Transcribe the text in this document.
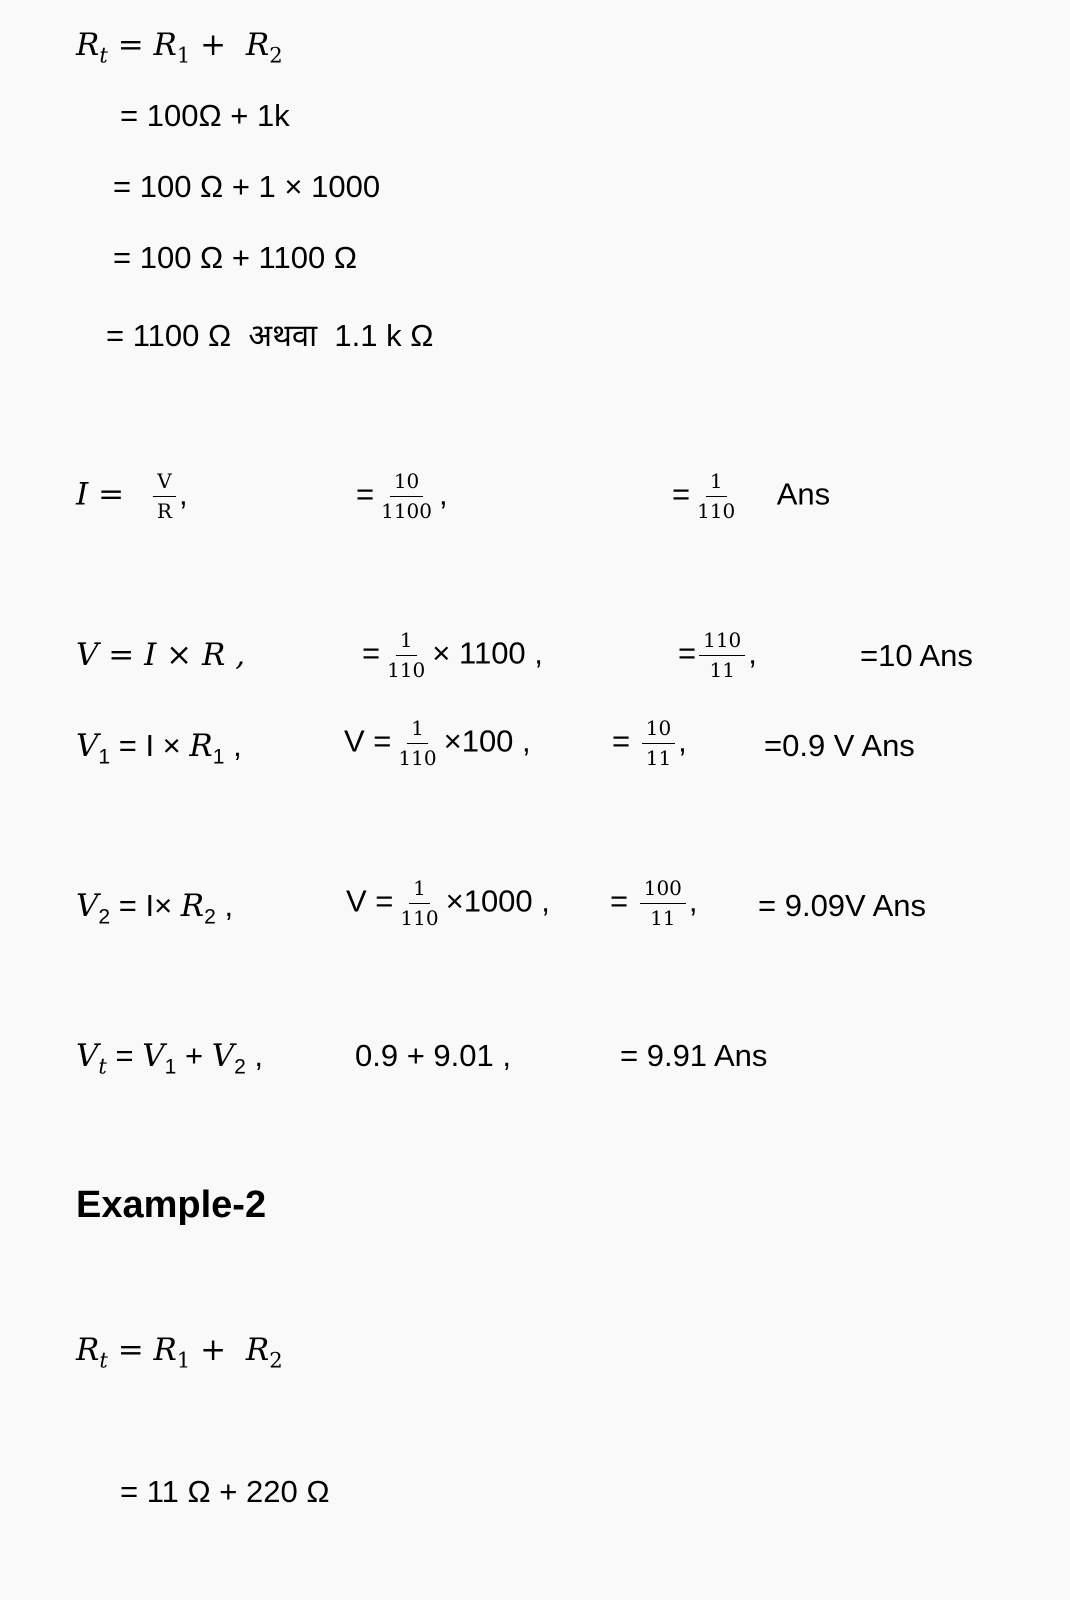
$R_t = R_1 + R_2$
= 100Ω + 1k
= 100 Ω + 1 × 1000
= 100 Ω + 1100 Ω
= 1100 Ω अथवा 1.1 k Ω
$I = \frac{V}{R}$ ,	= $\frac{10}{1100}$ ,	= $\frac{1}{110}$ Ans
V = I × R ,	= $\frac{1}{110} \times 1100$ ,	= $\frac{110}{11}$ ,	=10 Ans
$V_1 = I \times R_1$ ,	$V = \frac{1}{110} \times 100$ ,	= $\frac{10}{11}$ , =0.9 V Ans
$V_2 = I\times R_2$ ,	$V = \frac{1}{110} \times 1000$ , = $\frac{100}{11}$ , = 9.09V Ans
$V_t = V_1 + V_2$ ,	0.9 + 9.01 ,	= 9.91 Ans
Example-2
$R_t = R_1 + R_2$
= 11 Ω + 220 Ω
